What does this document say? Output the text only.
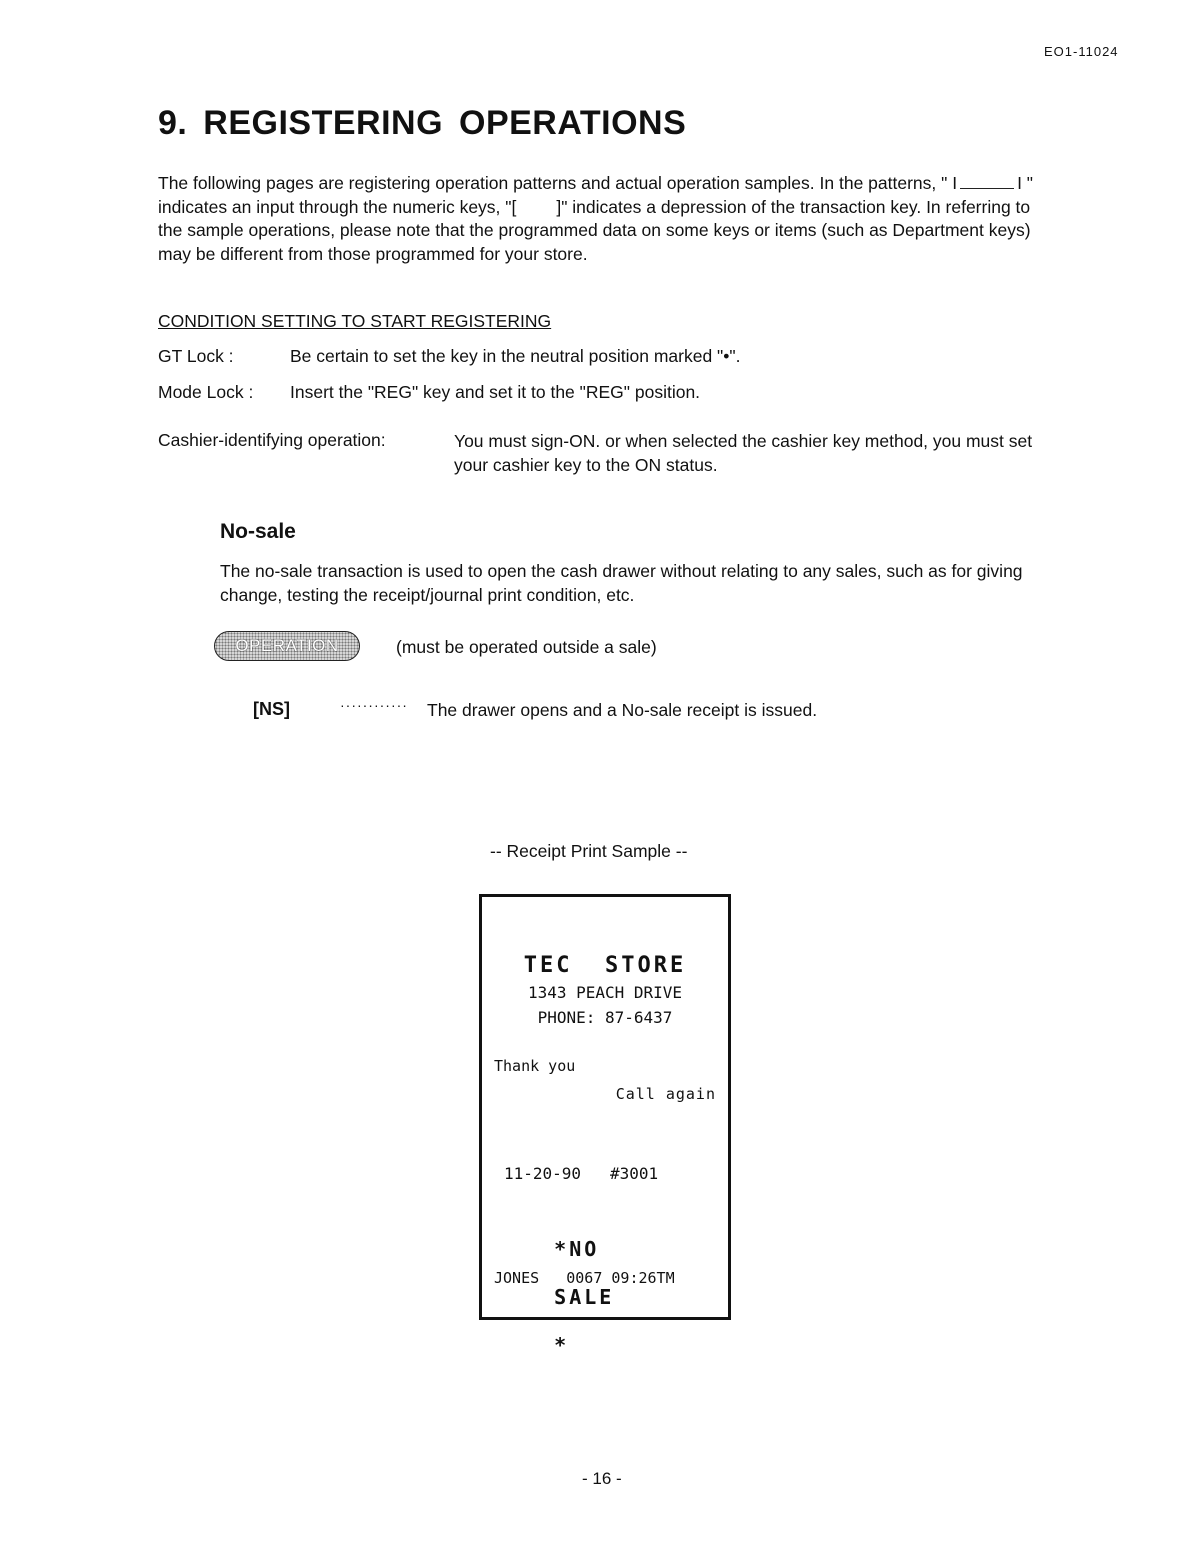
EO1-11024
9. REGISTERING OPERATIONS

The following pages are registering operation patterns and actual operation samples. In the patterns, " I	I " indicates an input through the numeric keys, "[ ]" indicates a depression of the transaction key. In referring to the sample operations, please note that the programmed data on some keys or items (such as Department keys) may be different from those programmed for your store.

CONDITION SETTING TO START REGISTERING
GT Lock :	Be certain to set the key in the neutral position marked "•".
Mode Lock : Insert the "REG" key and set it to the "REG" position.
Cashier-identifying operation:	You must sign-ON. or when selected the cashier key method, you must set your cashier key to the ON status.
No-sale
The no-sale transaction is used to open the cash drawer without relating to any sales, such as for giving change, testing the receipt/journal print condition, etc.
OPERATION	(must be operated outside a sale)
[NS]	············ The drawer opens and a No-sale receipt is issued.
-- Receipt Print Sample --
TEC  STORE
1343 PEACH DRIVE
PHONE: 87-6437
Thank you
Call again
11-20-90   #3001

*NO

SALE

*

JONES   0067 09:26TM
- 16 -
